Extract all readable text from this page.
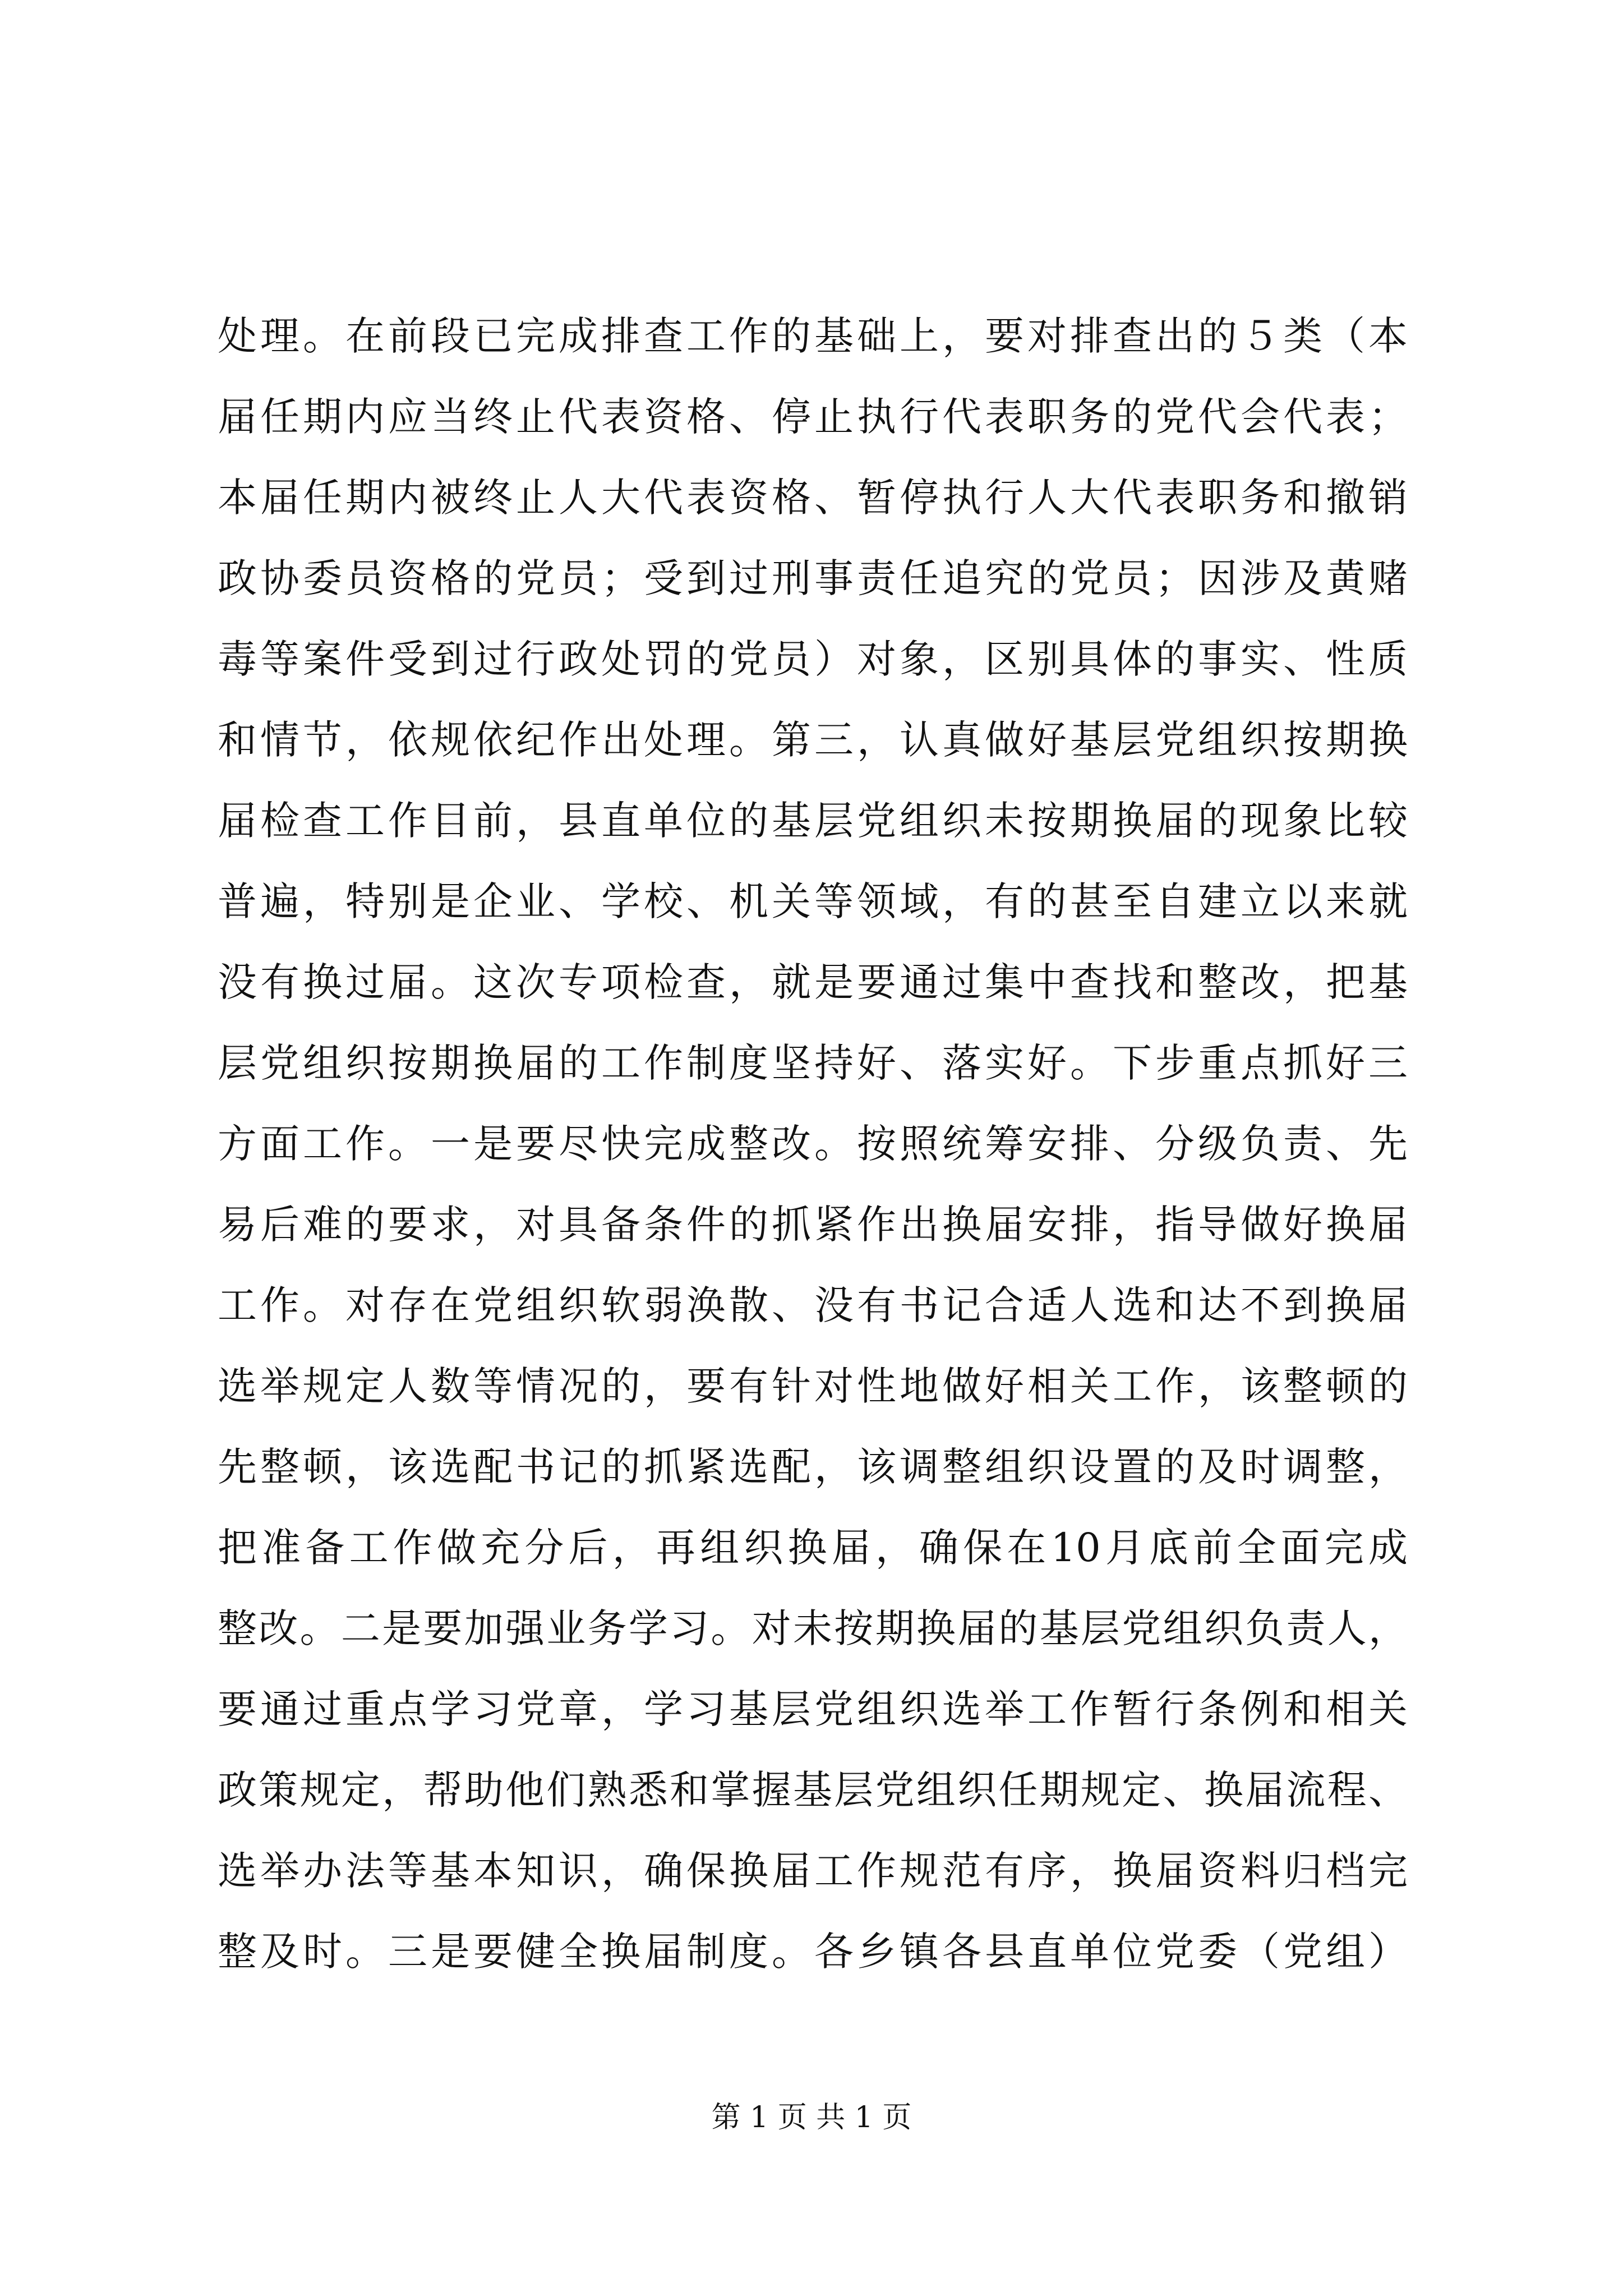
处理。在前段已完成排查工作的基础上，要对排查出的５类（本
届任期内应当终止代表资格、停止执行代表职务的党代会代表；
本届任期内被终止人大代表资格、暂停执行人大代表职务和撤销
政协委员资格的党员；受到过刑事责任追究的党员；因涉及黄赌
毒等案件受到过行政处罚的党员）对象，区别具体的事实、性质
和情节，依规依纪作出处理。第三，认真做好基层党组织按期换
届检查工作目前，县直单位的基层党组织未按期换届的现象比较
普遍，特别是企业、学校、机关等领域，有的甚至自建立以来就
没有换过届。这次专项检查，就是要通过集中查找和整改，把基
层党组织按期换届的工作制度坚持好、落实好。下步重点抓好三
方面工作。一是要尽快完成整改。按照统筹安排、分级负责、先
易后难的要求，对具备条件的抓紧作出换届安排，指导做好换届
工作。对存在党组织软弱涣散、没有书记合适人选和达不到换届
选举规定人数等情况的，要有针对性地做好相关工作，该整顿的
先整顿，该选配书记的抓紧选配，该调整组织设置的及时调整，
把准备工作做充分后，再组织换届，确保在10月底前全面完成
整改。二是要加强业务学习。对未按期换届的基层党组织负责人，
要通过重点学习党章，学习基层党组织选举工作暂行条例和相关
政策规定，帮助他们熟悉和掌握基层党组织任期规定、换届流程、
选举办法等基本知识，确保换届工作规范有序，换届资料归档完
整及时。三是要健全换届制度。各乡镇各县直单位党委（党组）
第 1 页 共 1 页
